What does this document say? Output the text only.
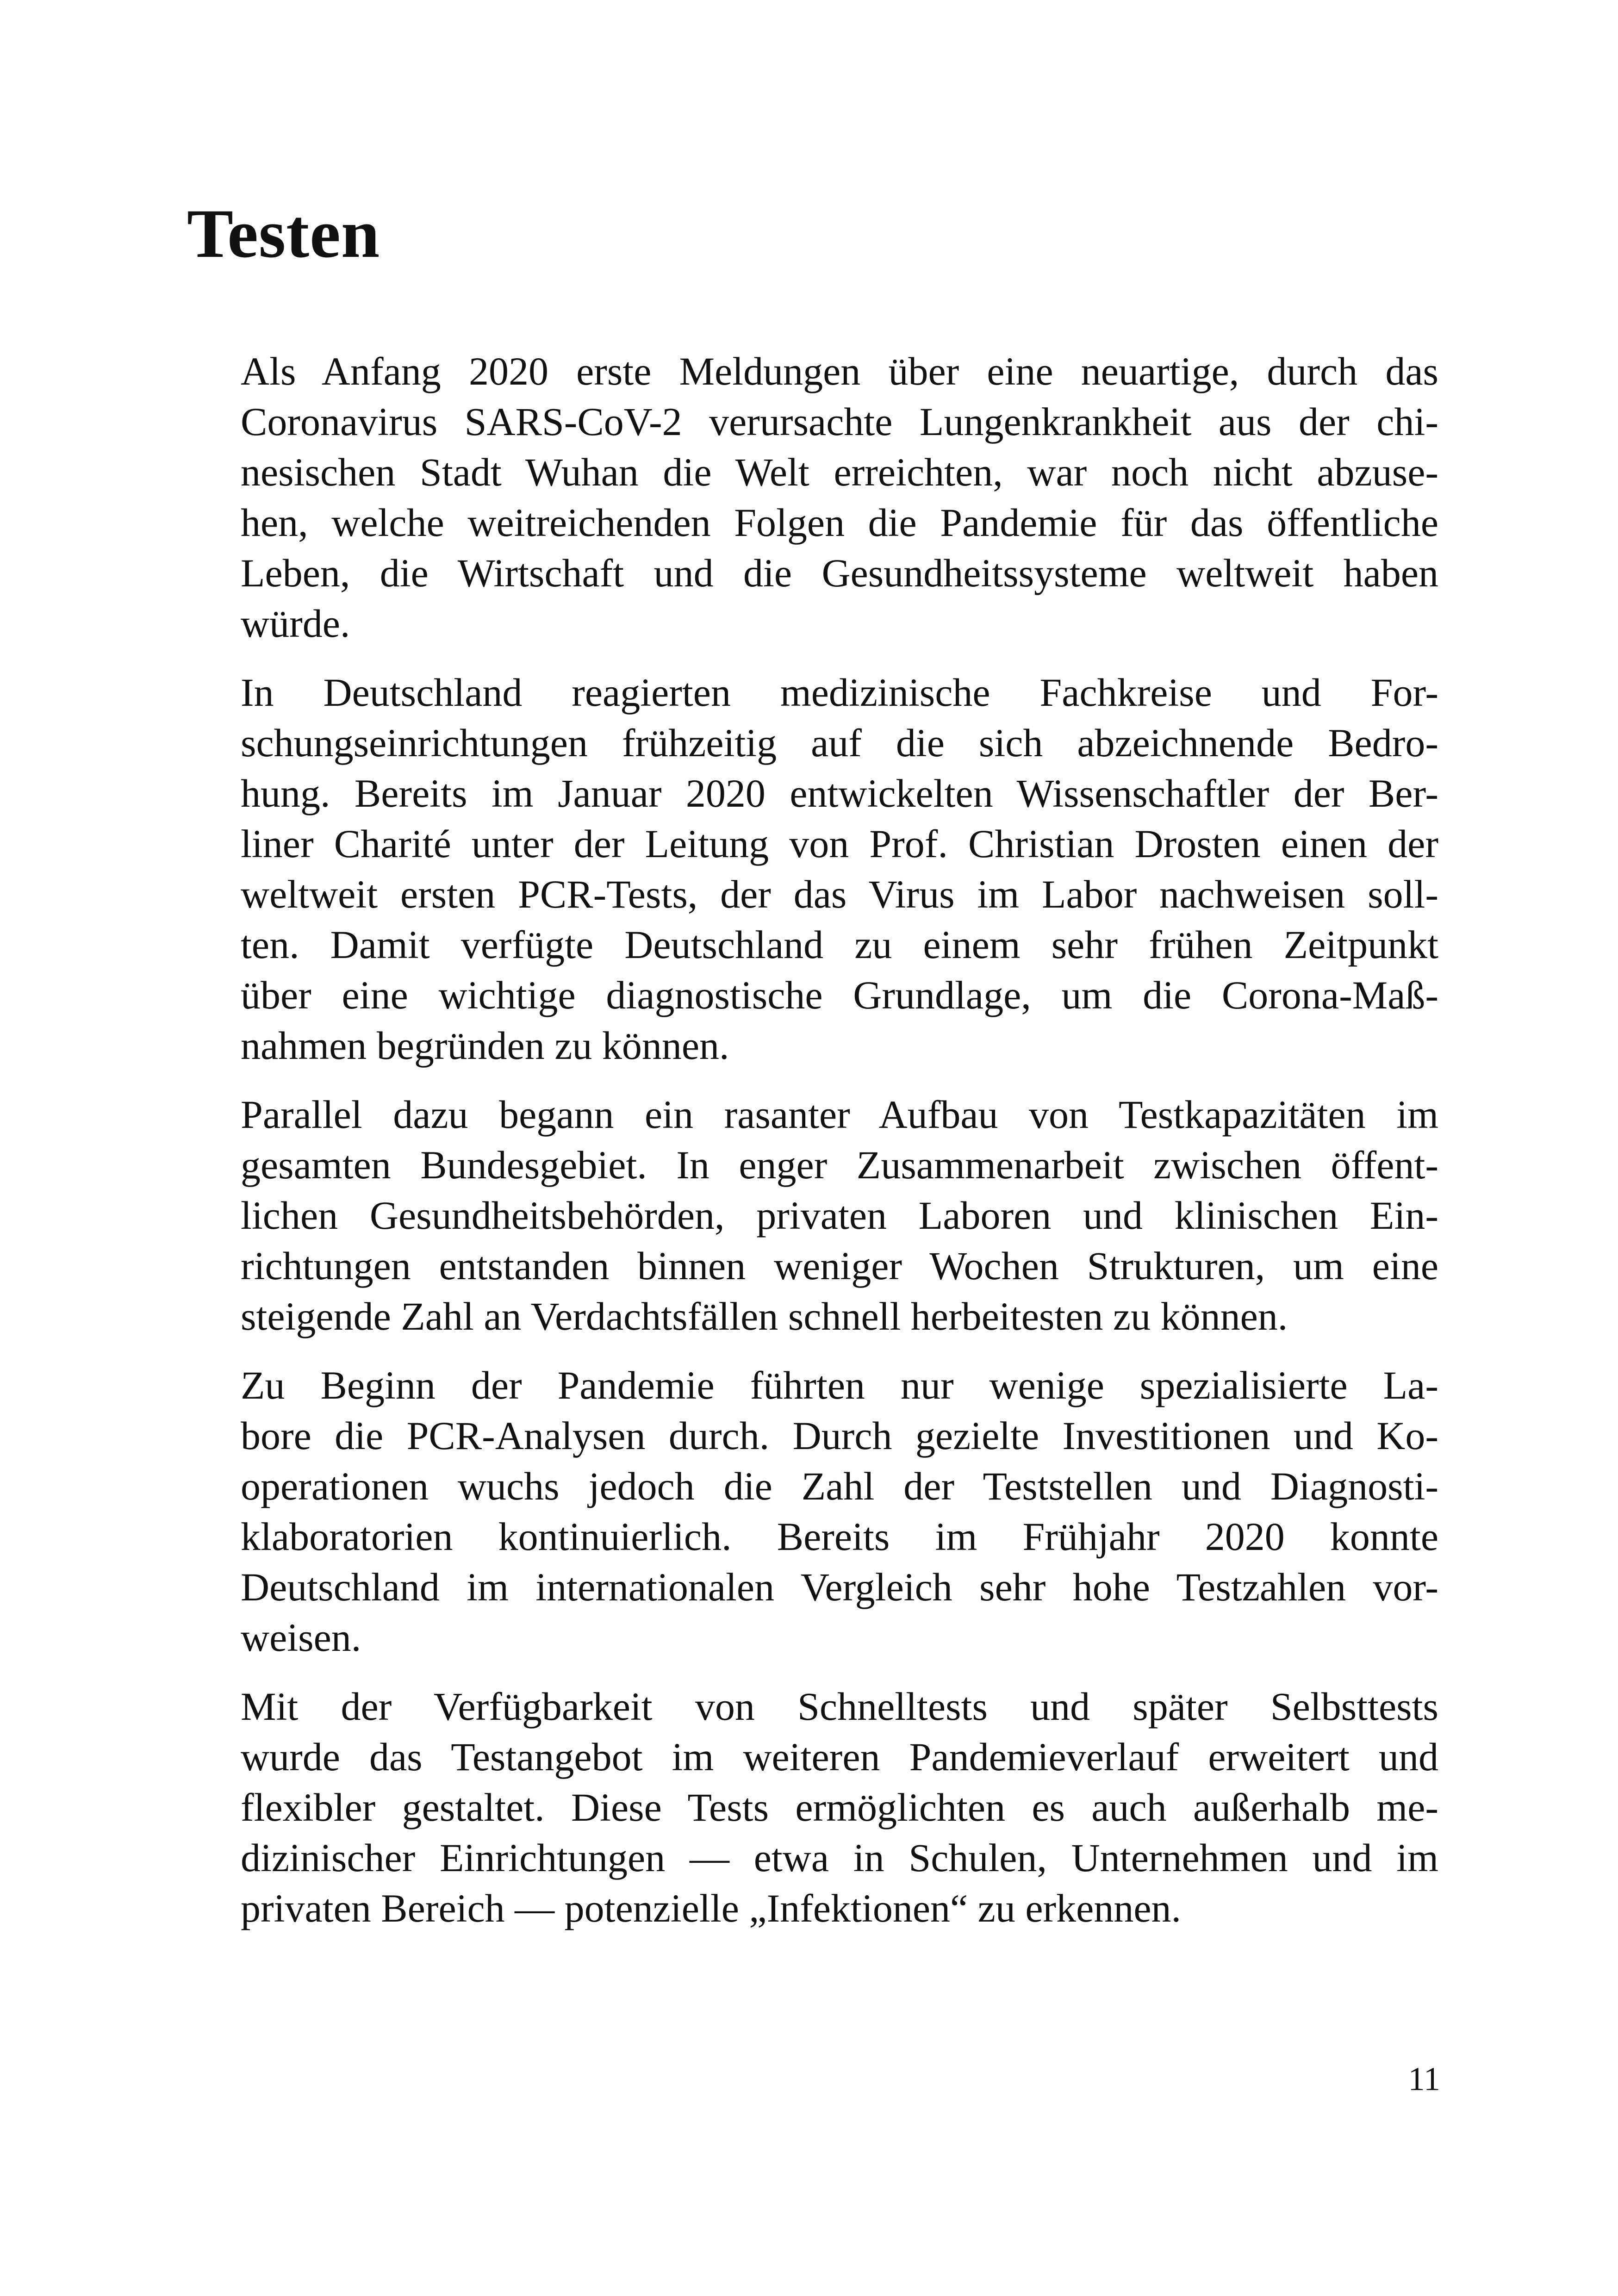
Testen

Als Anfang 2020 erste Meldungen über eine neuartige, durch das
Coronavirus SARS-CoV-2 verursachte Lungenkrankheit aus der chi-
nesischen Stadt Wuhan die Welt erreichten, war noch nicht abzuse-
hen, welche weitreichenden Folgen die Pandemie für das öffentliche
Leben, die Wirtschaft und die Gesundheitssysteme weltweit haben
würde.

In Deutschland reagierten medizinische Fachkreise und For-
schungseinrichtungen frühzeitig auf die sich abzeichnende Bedro-
hung. Bereits im Januar 2020 entwickelten Wissenschaftler der Ber-
liner Charité unter der Leitung von Prof. Christian Drosten einen der
weltweit ersten PCR-Tests, der das Virus im Labor nachweisen soll-
ten. Damit verfügte Deutschland zu einem sehr frühen Zeitpunkt
über eine wichtige diagnostische Grundlage, um die Corona-Maß-
nahmen begründen zu können.

Parallel dazu begann ein rasanter Aufbau von Testkapazitäten im
gesamten Bundesgebiet. In enger Zusammenarbeit zwischen öffent-
lichen Gesundheitsbehörden, privaten Laboren und klinischen Ein-
richtungen entstanden binnen weniger Wochen Strukturen, um eine
steigende Zahl an Verdachtsfällen schnell herbeitesten zu können.

Zu Beginn der Pandemie führten nur wenige spezialisierte La-
bore die PCR-Analysen durch. Durch gezielte Investitionen und Ko-
operationen wuchs jedoch die Zahl der Teststellen und Diagnosti-
klaboratorien kontinuierlich. Bereits im Frühjahr 2020 konnte
Deutschland im internationalen Vergleich sehr hohe Testzahlen vor-
weisen.

Mit der Verfügbarkeit von Schnelltests und später Selbsttests
wurde das Testangebot im weiteren Pandemieverlauf erweitert und
flexibler gestaltet. Diese Tests ermöglichten es auch außerhalb me-
dizinischer Einrichtungen — etwa in Schulen, Unternehmen und im
privaten Bereich — potenzielle „Infektionen“ zu erkennen.

11
